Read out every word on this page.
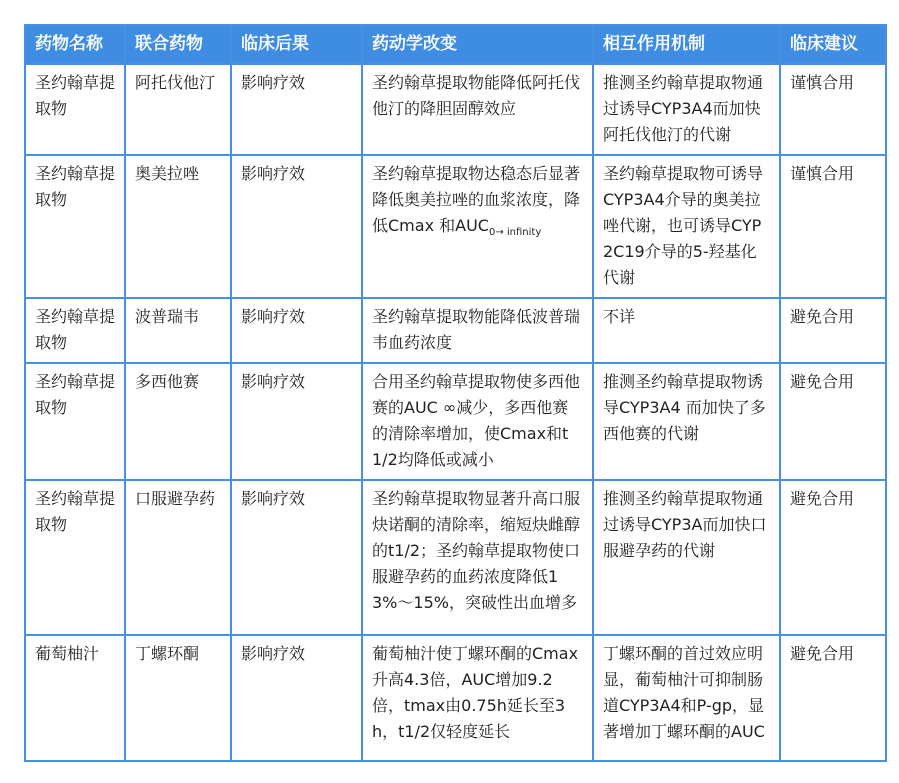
药物名称	联合药物	临床后果	药动学改变	相互作用机制	临床建议
圣约翰草提取物	阿托伐他汀	影响疗效	圣约翰草提取物能降低阿托伐他汀的降胆固醇效应	推测圣约翰草提取物通过诱导CYP3A4而加快阿托伐他汀的代谢	谨慎合用
圣约翰草提取物	奥美拉唑	影响疗效	圣约翰草提取物达稳态后显著降低奥美拉唑的血浆浓度，降低Cmax 和$AUC_{0\to infinity}$	圣约翰草提取物可诱导CYP3A4介导的奥美拉唑代谢，也可诱导CYP2C19介导的5-羟基化代谢	谨慎合用
圣约翰草提取物	波普瑞韦	影响疗效	圣约翰草提取物能降低波普瑞韦血药浓度	不详	避免合用
圣约翰草提取物	多西他赛	影响疗效	合用圣约翰草提取物使多西他赛的AUC ∞减少，多西他赛的清除率增加，使Cmax和t1/2均降低或减小	推测圣约翰草提取物诱导CYP3A4 而加快了多西他赛的代谢	避免合用
圣约翰草提取物	口服避孕药	影响疗效	圣约翰草提取物显著升高口服炔诺酮的清除率，缩短炔雌醇的t1/2；圣约翰草提取物使口服避孕药的血药浓度降低13%～15%，突破性出血增多	推测圣约翰草提取物通过诱导CYP3A而加快口服避孕药的代谢	避免合用
葡萄柚汁	丁螺环酮	影响疗效	葡萄柚汁使丁螺环酮的Cmax升高4.3倍，AUC增加9.2倍，tmax由0.75h延长至3h，t1/2仅轻度延长	丁螺环酮的首过效应明显，葡萄柚汁可抑制肠道CYP3A4和P-gp，显著增加丁螺环酮的AUC	避免合用
